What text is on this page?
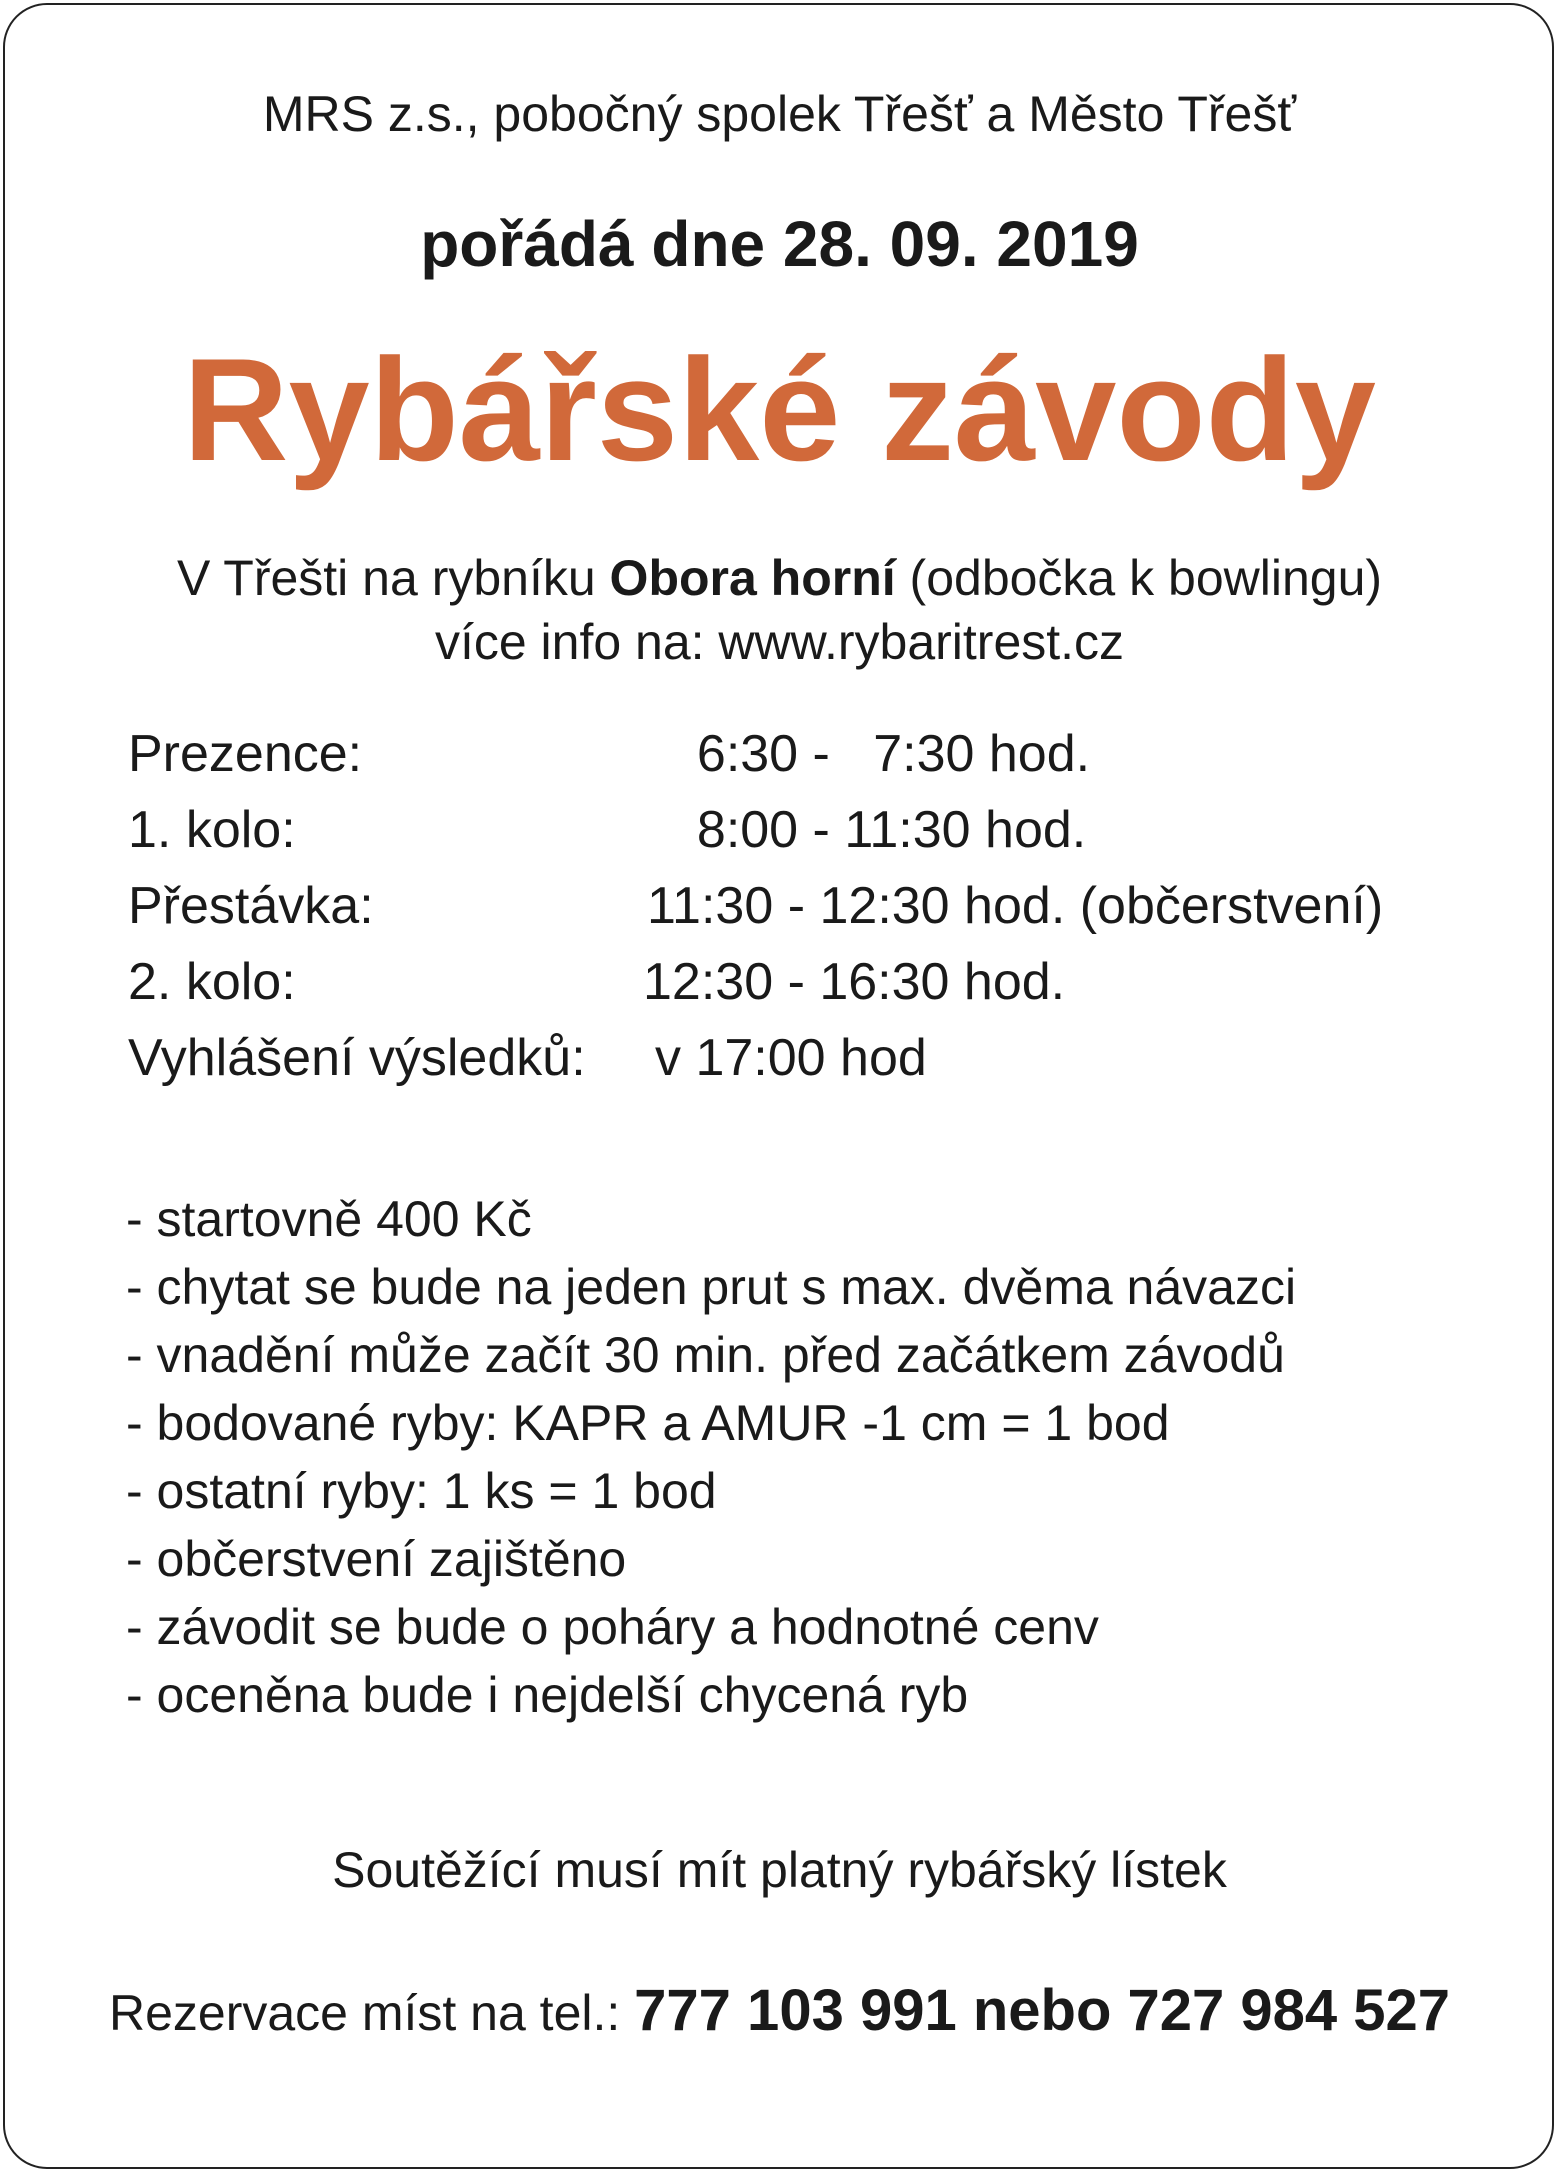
MRS z.s., pobočný spolek Třešť a Město Třešť
pořádá dne 28. 09. 2019
Rybářské závody
V Třešti na rybníku Obora horní (odbočka k bowlingu)
více info na: www.rybaritrest.cz

Prezence:

	6:30 -   7:30 hod.

1. kolo:

	8:00 - 11:30 hod.

Přestávka:

	11:30 - 12:30 hod. (občerstvení)

2. kolo:

	12:30 - 16:30 hod.

Vyhlášení výsledků:

v 17:00 hod

- startovně 400 Kč
- chytat se bude na jeden prut s max. dvěma návazci
- vnadění může začít 30 min. před začátkem závodů
- bodované ryby: KAPR a AMUR -1 cm = 1 bod
- ostatní ryby: 1 ks = 1 bod
- občerstvení zajištěno
- závodit se bude o poháry a hodnotné cenv
- oceněna bude i nejdelší chycená ryb
Soutěžící musí mít platný rybářský lístek
Rezervace míst na tel.: 777 103 991 nebo 727 984 527
